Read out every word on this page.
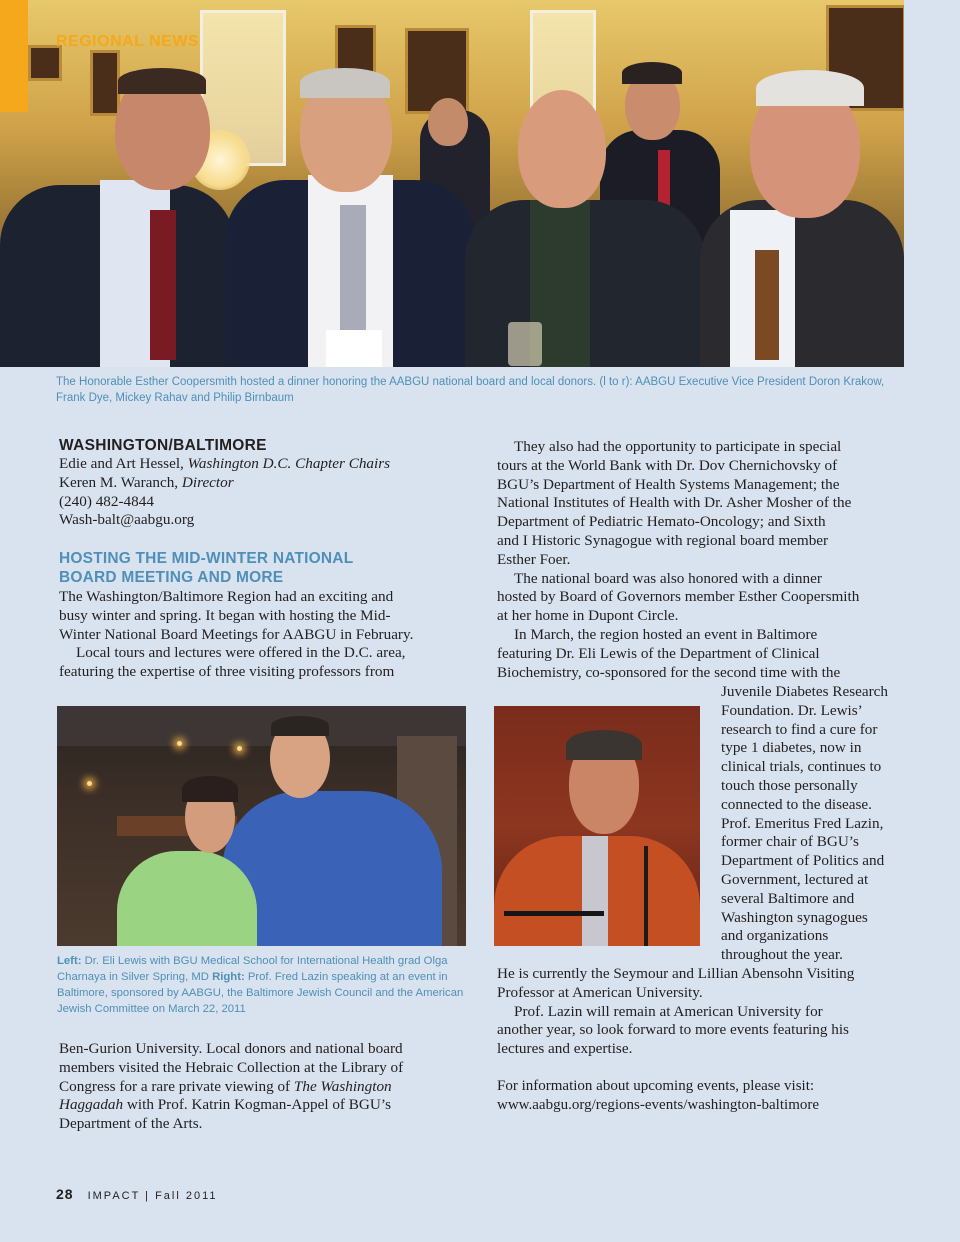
REGIONAL NEWS
The Honorable Esther Coopersmith hosted a dinner honoring the AABGU national board and local donors. (l to r): AABGU Executive Vice President Doron Krakow, Frank Dye, Mickey Rahav and Philip Birnbaum
WASHINGTON/BALTIMORE

Edie and Art Hessel, Washington D.C. Chapter Chairs

Keren M. Waranch, Director

(240) 482-4844

Wash-balt@aabgu.org

HOSTING THE MID-WINTER NATIONAL
BOARD MEETING AND MORE

The Washington/Baltimore Region had an exciting and

busy winter and spring. It began with hosting the Mid-

Winter National Board Meetings for AABGU in February.

Local tours and lectures were offered in the D.C. area,

featuring the expertise of three visiting professors from

Left: Dr. Eli Lewis with BGU Medical School for International Health grad Olga Charnaya in Silver Spring, MD Right: Prof. Fred Lazin speaking at an event in Baltimore, sponsored by AABGU, the Baltimore Jewish Council and the American Jewish Committee on March 22, 2011

Ben-Gurion University. Local donors and national board

members visited the Hebraic Collection at the Library of

Congress for a rare private viewing of The Washington

Haggadah with Prof. Katrin Kogman-Appel of BGU’s

Department of the Arts.

They also had the opportunity to participate in special

tours at the World Bank with Dr. Dov Chernichovsky of

BGU’s Department of Health Systems Management; the

National Institutes of Health with Dr. Asher Mosher of the

Department of Pediatric Hemato-Oncology; and Sixth

and I Historic Synagogue with regional board member

Esther Foer.

The national board was also honored with a dinner

hosted by Board of Governors member Esther Coopersmith

at her home in Dupont Circle.

In March, the region hosted an event in Baltimore

featuring Dr. Eli Lewis of the Department of Clinical

Biochemistry, co-sponsored for the second time with the

Juvenile Diabetes Research

Foundation. Dr. Lewis’

research to find a cure for

type 1 diabetes, now in

clinical trials, continues to

touch those personally

connected to the disease.

Prof. Emeritus Fred Lazin,

former chair of BGU’s

Department of Politics and

Government, lectured at

several Baltimore and

Washington synagogues

and organizations

throughout the year.

He is currently the Seymour and Lillian Abensohn Visiting

Professor at American University.

Prof. Lazin will remain at American University for

another year, so look forward to more events featuring his

lectures and expertise.

For information about upcoming events, please visit:
www.aabgu.org/regions-events/washington-baltimore
28 IMPACT | Fall 2011
